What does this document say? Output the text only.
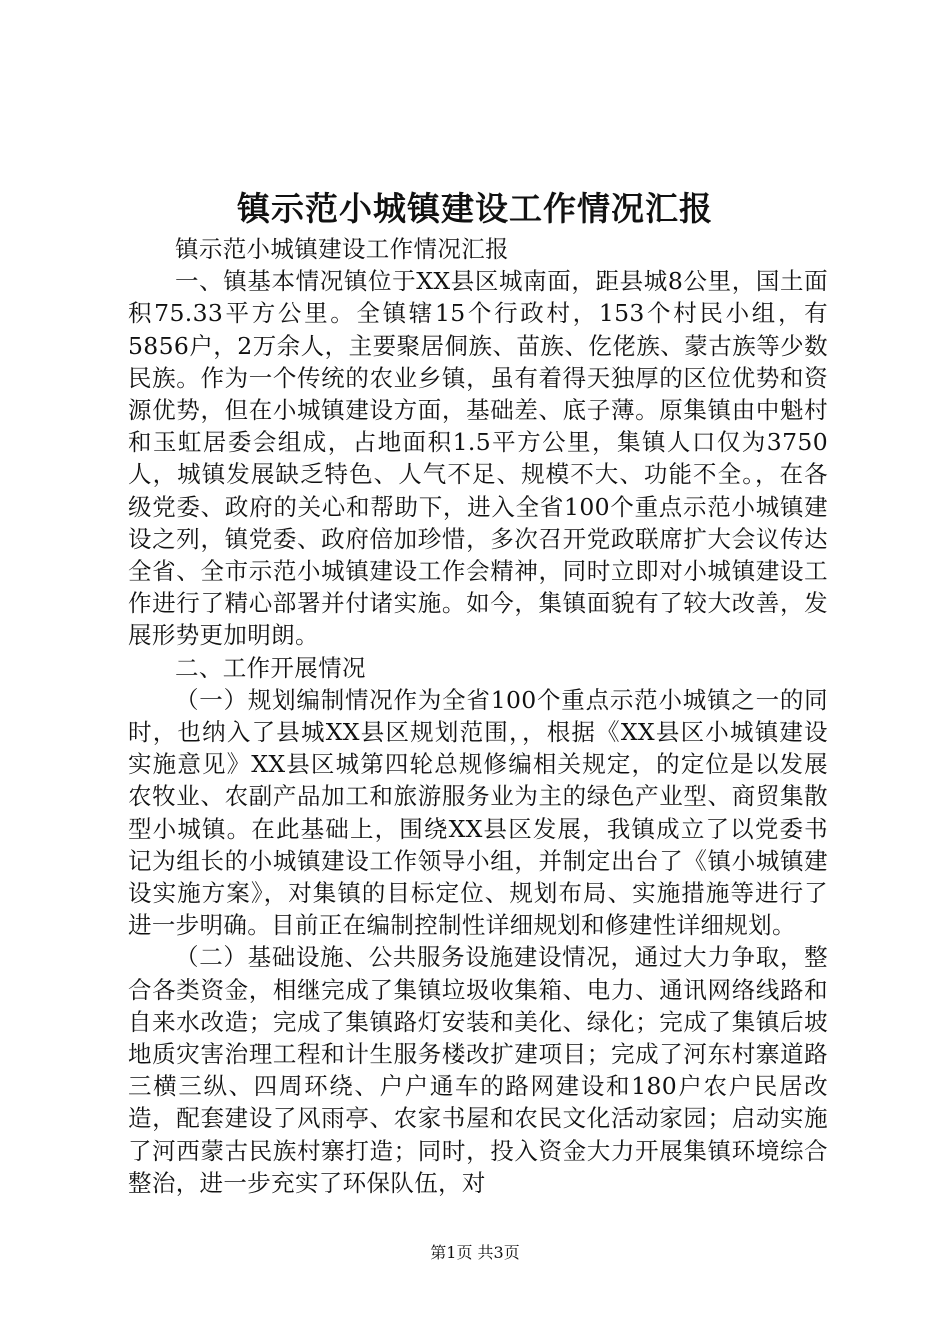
镇示范小城镇建设工作情况汇报

镇示范小城镇建设工作情况汇报

一、镇基本情况镇位于XX县区城南面，距县城8公里，国土面积75.33平方公里。全镇辖15个行政村，153个村民小组，有5856户，2万余人，主要聚居侗族、苗族、仡佬族、蒙古族等少数民族。作为一个传统的农业乡镇，虽有着得天独厚的区位优势和资源优势，但在小城镇建设方面，基础差、底子薄。原集镇由中魁村和玉虹居委会组成，占地面积1.5平方公里，集镇人口仅为3750人，城镇发展缺乏特色、人气不足、规模不大、功能不全。，在各级党委、政府的关心和帮助下，进入全省100个重点示范小城镇建设之列，镇党委、政府倍加珍惜，多次召开党政联席扩大会议传达全省、全市示范小城镇建设工作会精神，同时立即对小城镇建设工作进行了精心部署并付诸实施。如今，集镇面貌有了较大改善，发展形势更加明朗。

二、工作开展情况

（一）规划编制情况作为全省100个重点示范小城镇之一的同时，也纳入了县城XX县区规划范围，，根据《XX县区小城镇建设实施意见》XX县区城第四轮总规修编相关规定，的定位是以发展农牧业、农副产品加工和旅游服务业为主的绿色产业型、商贸集散型小城镇。在此基础上，围绕XX县区发展，我镇成立了以党委书记为组长的小城镇建设工作领导小组，并制定出台了《镇小城镇建设实施方案》，对集镇的目标定位、规划布局、实施措施等进行了进一步明确。目前正在编制控制性详细规划和修建性详细规划。

（二）基础设施、公共服务设施建设情况，通过大力争取，整合各类资金，相继完成了集镇垃圾收集箱、电力、通讯网络线路和自来水改造；完成了集镇路灯安装和美化、绿化；完成了集镇后坡地质灾害治理工程和计生服务楼改扩建项目；完成了河东村寨道路三横三纵、四周环绕、户户通车的路网建设和180户农户民居改造，配套建设了风雨亭、农家书屋和农民文化活动家园；启动实施了河西蒙古民族村寨打造；同时，投入资金大力开展集镇环境综合整治，进一步充实了环保队伍，对

第1页 共3页
